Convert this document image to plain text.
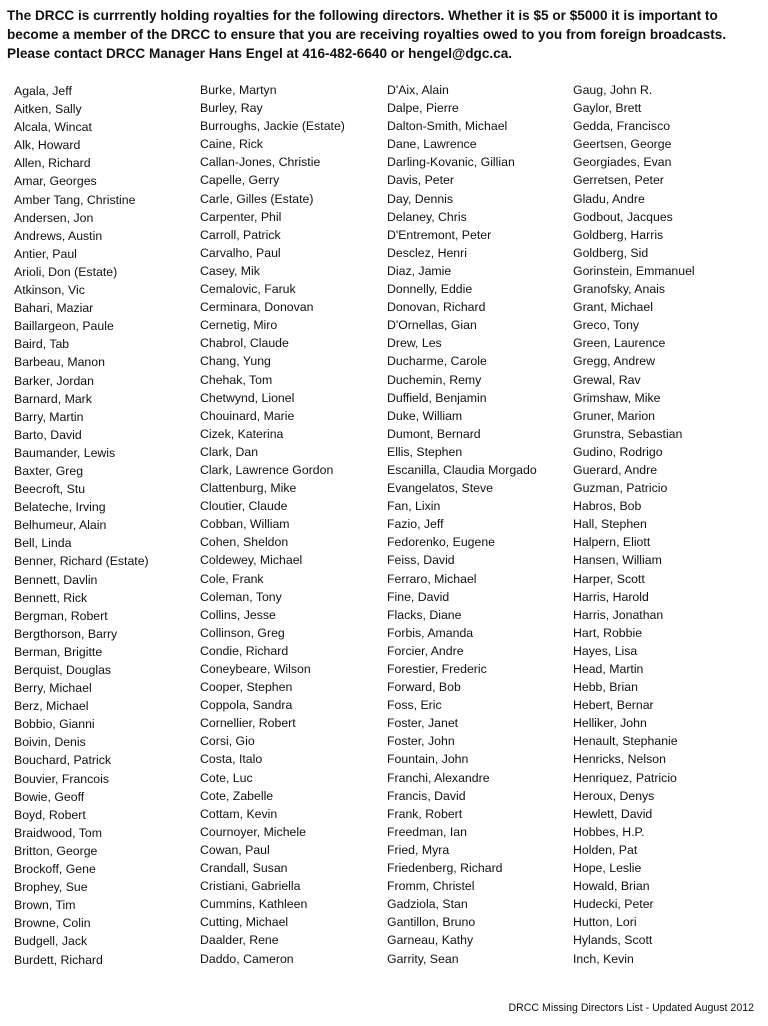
The DRCC is currrently holding royalties for the following directors. Whether it is $5 or $5000 it is important to
become a member of the DRCC to ensure that you are receiving royalties owed to you from foreign broadcasts.
Please contact DRCC Manager Hans Engel at 416-482-6640 or hengel@dgc.ca.
Agala, Jeff
Aitken, Sally
Alcala, Wincat
Alk, Howard
Allen, Richard
Amar, Georges
Amber Tang, Christine
Andersen, Jon
Andrews, Austin
Antier, Paul
Arioli, Don (Estate)
Atkinson, Vic
Bahari, Maziar
Baillargeon, Paule
Baird, Tab
Barbeau, Manon
Barker, Jordan
Barnard, Mark
Barry, Martin
Barto, David
Baumander, Lewis
Baxter, Greg
Beecroft, Stu
Belateche, Irving
Belhumeur, Alain
Bell, Linda
Benner, Richard (Estate)
Bennett, Davlin
Bennett, Rick
Bergman, Robert
Bergthorson, Barry
Berman, Brigitte
Berquist, Douglas
Berry, Michael
Berz, Michael
Bobbio, Gianni
Boivin, Denis
Bouchard, Patrick
Bouvier, Francois
Bowie, Geoff
Boyd, Robert
Braidwood, Tom
Britton, George
Brockoff, Gene
Brophey, Sue
Brown, Tim
Browne, Colin
Budgell, Jack
Burdett, Richard
Burke, Martyn
Burley, Ray
Burroughs, Jackie (Estate)
Caine, Rick
Callan-Jones, Christie
Capelle, Gerry
Carle, Gilles (Estate)
Carpenter, Phil
Carroll, Patrick
Carvalho, Paul
Casey, Mik
Cemalovic, Faruk
Cerminara, Donovan
Cernetig, Miro
Chabrol, Claude
Chang, Yung
Chehak, Tom
Chetwynd, Lionel
Chouinard, Marie
Cizek, Katerina
Clark, Dan
Clark, Lawrence Gordon
Clattenburg, Mike
Cloutier, Claude
Cobban, William
Cohen, Sheldon
Coldewey, Michael
Cole, Frank
Coleman, Tony
Collins, Jesse
Collinson, Greg
Condie, Richard
Coneybeare, Wilson
Cooper, Stephen
Coppola, Sandra
Cornellier, Robert
Corsi, Gio
Costa, Italo
Cote, Luc
Cote, Zabelle
Cottam, Kevin
Cournoyer, Michele
Cowan, Paul
Crandall, Susan
Cristiani, Gabriella
Cummins, Kathleen
Cutting, Michael
Daalder, Rene
Daddo, Cameron
D'Aix, Alain
Dalpe, Pierre
Dalton-Smith, Michael
Dane, Lawrence
Darling-Kovanic, Gillian
Davis, Peter
Day, Dennis
Delaney, Chris
D'Entremont, Peter
Desclez, Henri
Diaz, Jamie
Donnelly, Eddie
Donovan, Richard
D'Ornellas, Gian
Drew, Les
Ducharme, Carole
Duchemin, Remy
Duffield, Benjamin
Duke, William
Dumont, Bernard
Ellis, Stephen
Escanilla, Claudia Morgado
Evangelatos, Steve
Fan, Lixin
Fazio, Jeff
Fedorenko, Eugene
Feiss, David
Ferraro, Michael
Fine, David
Flacks, Diane
Forbis, Amanda
Forcier, Andre
Forestier, Frederic
Forward, Bob
Foss, Eric
Foster, Janet
Foster, John
Fountain, John
Franchi, Alexandre
Francis, David
Frank, Robert
Freedman, Ian
Fried, Myra
Friedenberg, Richard
Fromm, Christel
Gadziola, Stan
Gantillon, Bruno
Garneau, Kathy
Garrity, Sean
Gaug, John R.
Gaylor, Brett
Gedda, Francisco
Geertsen, George
Georgiades, Evan
Gerretsen, Peter
Gladu, Andre
Godbout, Jacques
Goldberg, Harris
Goldberg, Sid
Gorinstein, Emmanuel
Granofsky, Anais
Grant, Michael
Greco, Tony
Green, Laurence
Gregg, Andrew
Grewal, Rav
Grimshaw, Mike
Gruner, Marion
Grunstra, Sebastian
Gudino, Rodrigo
Guerard, Andre
Guzman, Patricio
Habros, Bob
Hall, Stephen
Halpern, Eliott
Hansen, William
Harper, Scott
Harris, Harold
Harris, Jonathan
Hart, Robbie
Hayes, Lisa
Head, Martin
Hebb, Brian
Hebert, Bernar
Helliker, John
Henault, Stephanie
Henricks, Nelson
Henriquez, Patricio
Heroux, Denys
Hewlett, David
Hobbes, H.P.
Holden, Pat
Hope, Leslie
Howald, Brian
Hudecki, Peter
Hutton, Lori
Hylands, Scott
Inch, Kevin
DRCC Missing Directors List - Updated August 2012
